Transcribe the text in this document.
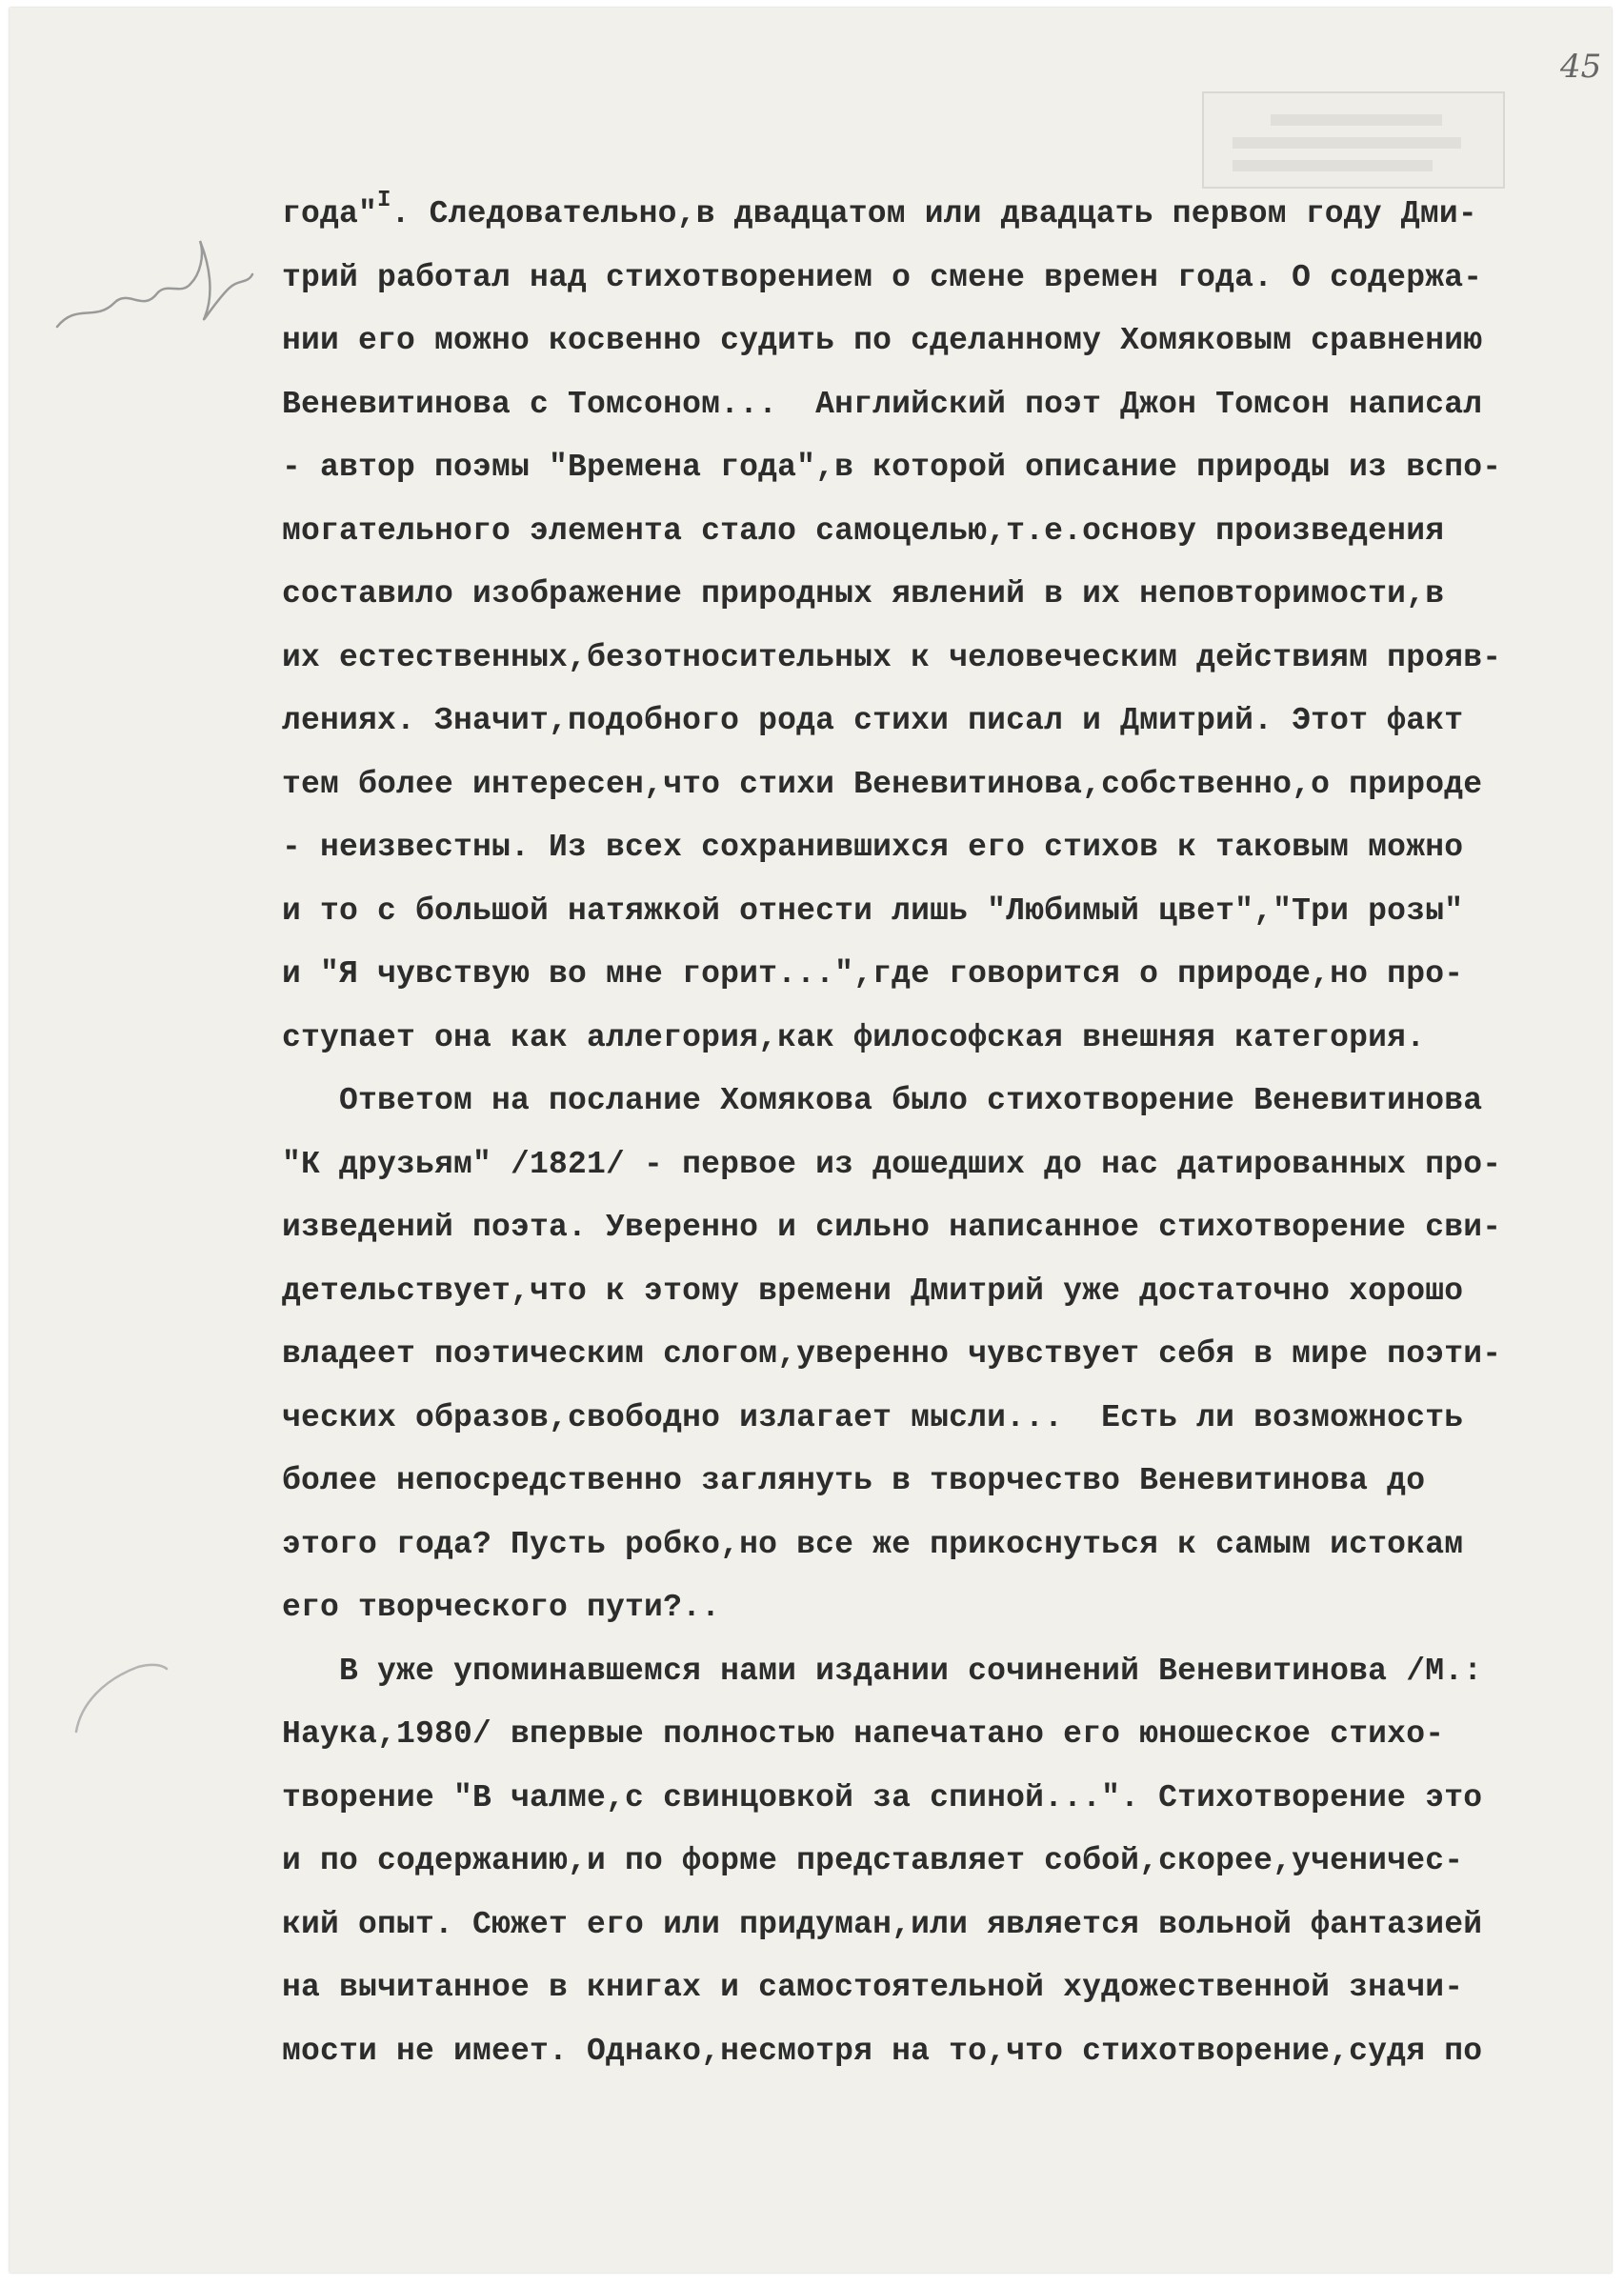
45
года"$^I$. Следовательно,в двадцатом или двадцать первом году Дми-
трий работал над стихотворением о смене времен года. О содержа-
нии его можно косвенно судить по сделанному Хомяковым сравнению
Веневитинова с Томсоном...  Английский поэт Джон Томсон написал
- автор поэмы "Времена года",в которой описание природы из вспо-
могательного элемента стало самоцелью,т.е.основу произведения
составило изображение природных явлений в их неповторимости,в
их естественных,безотносительных к человеческим действиям прояв-
лениях. Значит,подобного рода стихи писал и Дмитрий. Этот факт
тем более интересен,что стихи Веневитинова,собственно,о природе
- неизвестны. Из всех сохранившихся его стихов к таковым можно
и то с большой натяжкой отнести лишь "Любимый цвет","Три розы"
и "Я чувствую во мне горит...",где говорится о природе,но про-
ступает она как аллегория,как философская внешняя категория.
Ответом на послание Хомякова было стихотворение Веневитинова
"К друзьям" /1821/ - первое из дошедших до нас датированных про-
изведений поэта. Уверенно и сильно написанное стихотворение сви-
детельствует,что к этому времени Дмитрий уже достаточно хорошо
владеет поэтическим слогом,уверенно чувствует себя в мире поэти-
ческих образов,свободно излагает мысли...  Есть ли возможность
более непосредственно заглянуть в творчество Веневитинова до
этого года? Пусть робко,но все же прикоснуться к самым истокам
его творческого пути?..
В уже упоминавшемся нами издании сочинений Веневитинова /М.:
Наука,1980/ впервые полностью напечатано его юношеское стихо-
творение "В чалме,с свинцовкой за спиной...". Стихотворение это
и по содержанию,и по форме представляет собой,скорее,ученичес-
кий опыт. Сюжет его или придуман,или является вольной фантазией
на вычитанное в книгах и самостоятельной художественной значи-
мости не имеет. Однако,несмотря на то,что стихотворение,судя по
